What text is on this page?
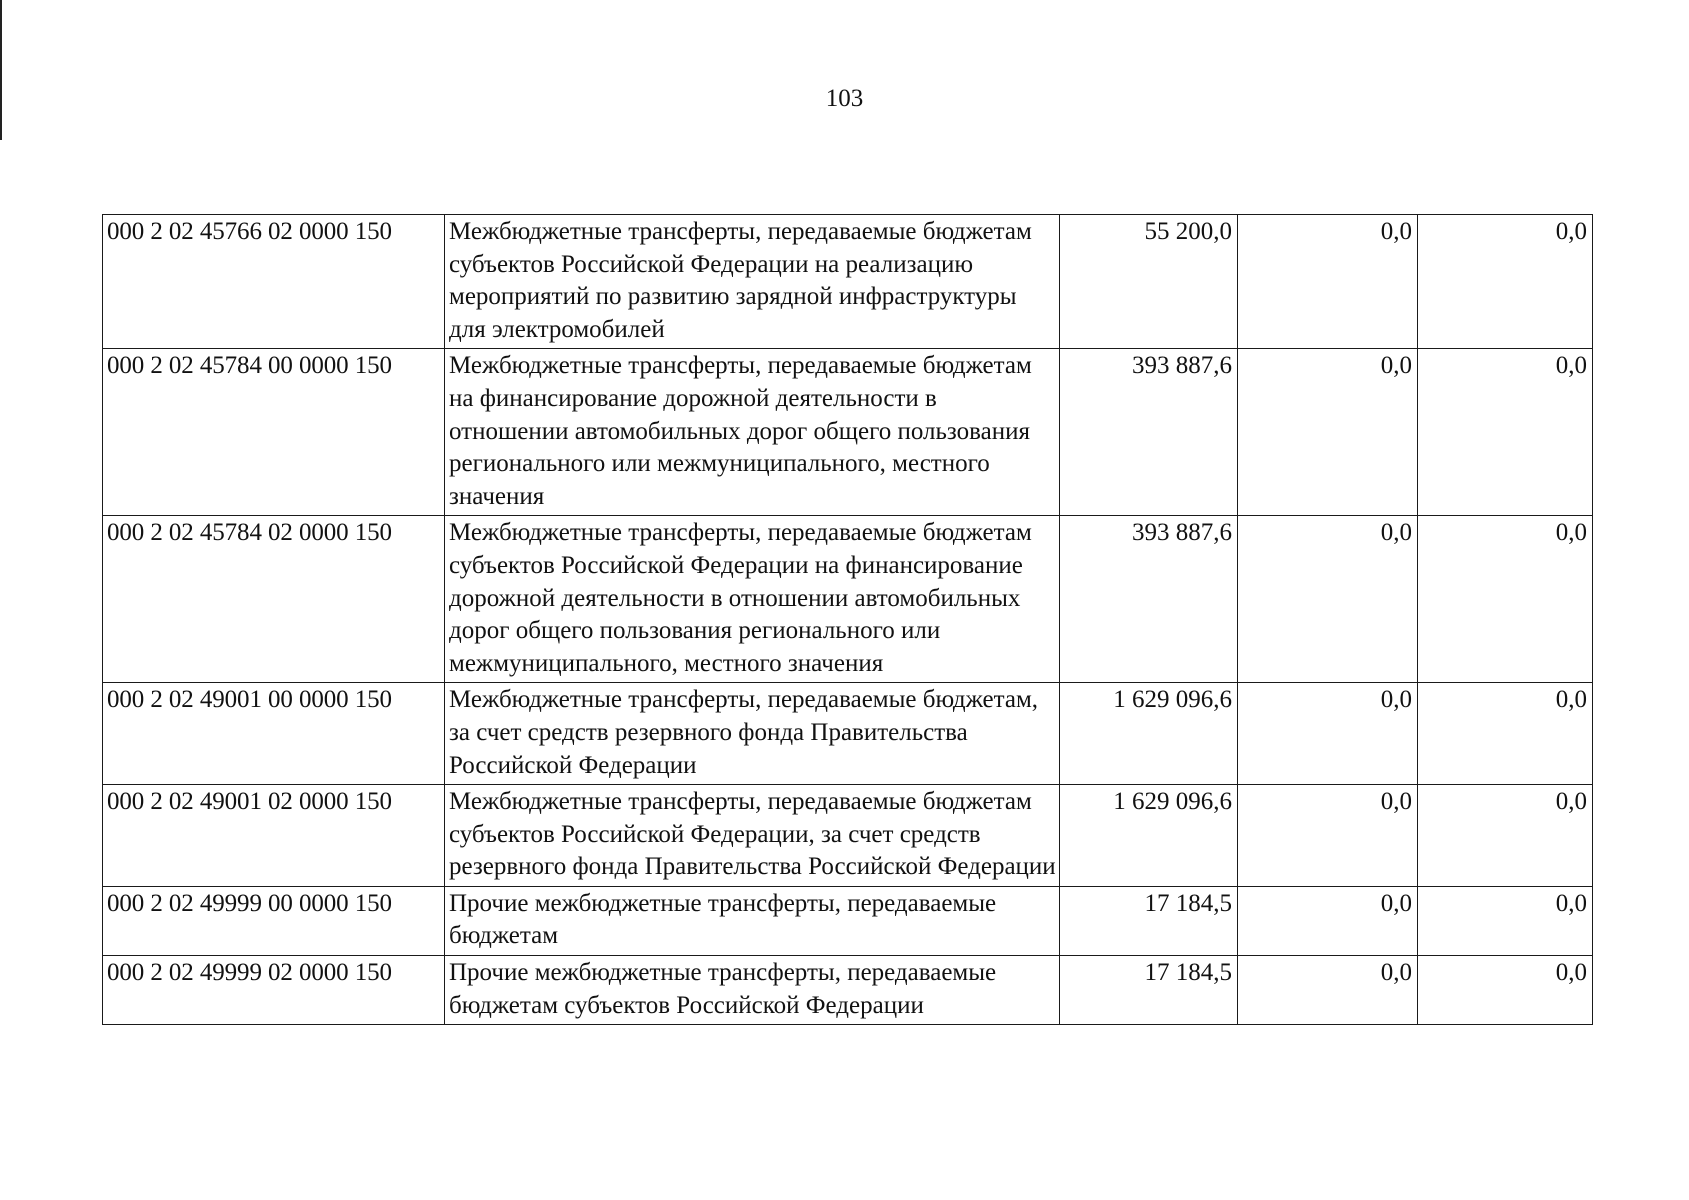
103
000 2 02 45766 02 0000 150	Межбюджетные трансферты, передаваемые бюджетам субъектов Российской Федерации на реализацию мероприятий по развитию зарядной инфраструктуры для электромобилей	55 200,0	0,0	0,0
000 2 02 45784 00 0000 150	Межбюджетные трансферты, передаваемые бюджетам на финансирование дорожной деятельности в отношении автомобильных дорог общего пользования регионального или межмуниципального, местного значения	393 887,6	0,0	0,0
000 2 02 45784 02 0000 150	Межбюджетные трансферты, передаваемые бюджетам субъектов Российской Федерации на финансирование дорожной деятельности в отношении автомобильных дорог общего пользования регионального или межмуниципального, местного значения	393 887,6	0,0	0,0
000 2 02 49001 00 0000 150	Межбюджетные трансферты, передаваемые бюджетам, за счет средств резервного фонда Правительства Российской Федерации	1 629 096,6	0,0	0,0
000 2 02 49001 02 0000 150	Межбюджетные трансферты, передаваемые бюджетам субъектов Российской Федерации, за счет средств резервного фонда Правительства Российской Федерации	1 629 096,6	0,0	0,0
000 2 02 49999 00 0000 150	Прочие межбюджетные трансферты, передаваемые бюджетам	17 184,5	0,0	0,0
000 2 02 49999 02 0000 150	Прочие межбюджетные трансферты, передаваемые бюджетам субъектов Российской Федерации	17 184,5	0,0	0,0
